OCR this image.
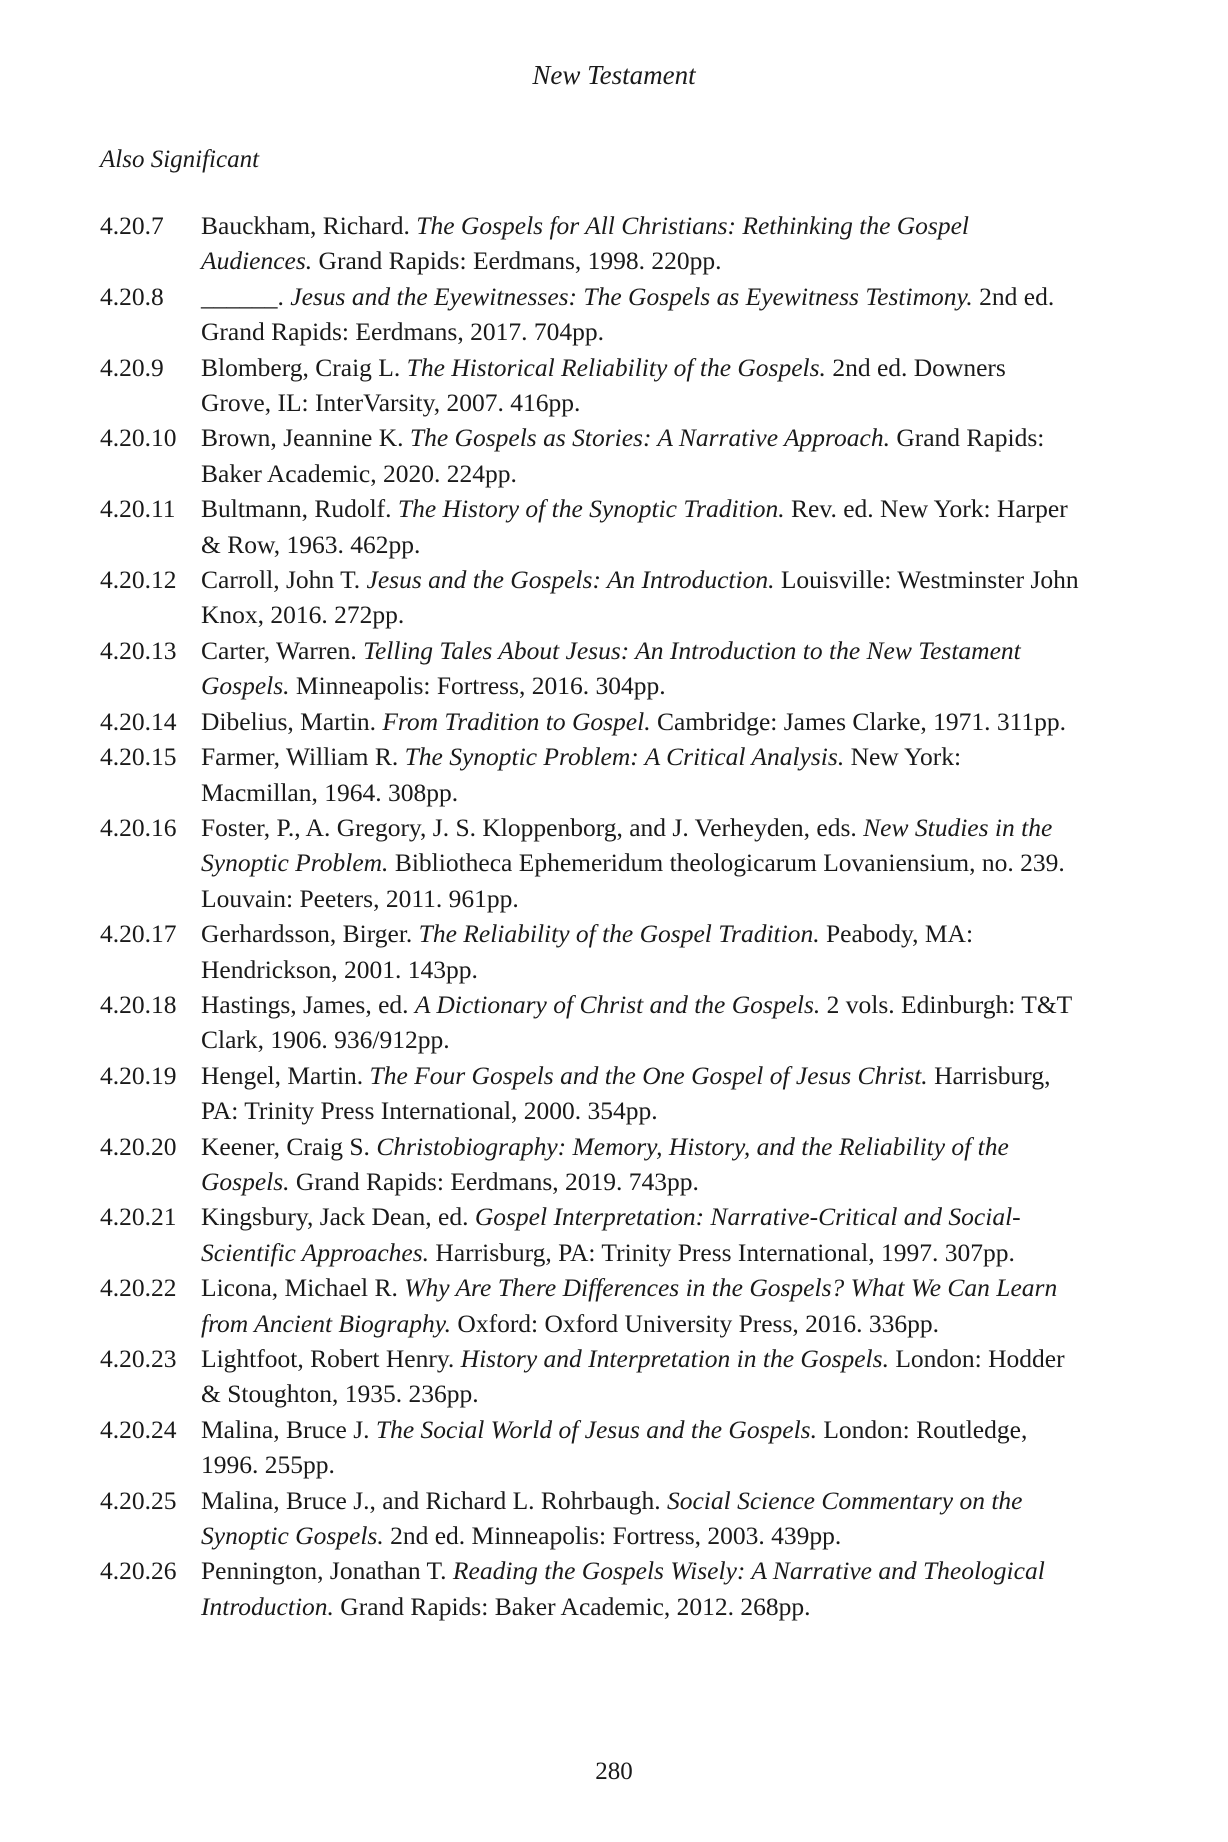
New Testament
Also Significant
4.20.7	Bauckham, Richard. The Gospels for All Christians: Rethinking the Gospel Audiences. Grand Rapids: Eerdmans, 1998. 220pp.
4.20.8	______. Jesus and the Eyewitnesses: The Gospels as Eyewitness Testimony. 2nd ed. Grand Rapids: Eerdmans, 2017. 704pp.
4.20.9	Blomberg, Craig L. The Historical Reliability of the Gospels. 2nd ed. Downers Grove, IL: InterVarsity, 2007. 416pp.
4.20.10 Brown, Jeannine K. The Gospels as Stories: A Narrative Approach. Grand Rapids: Baker Academic, 2020. 224pp.
4.20.11 Bultmann, Rudolf. The History of the Synoptic Tradition. Rev. ed. New York: Harper & Row, 1963. 462pp.
4.20.12 Carroll, John T. Jesus and the Gospels: An Introduction. Louisville: Westminster John Knox, 2016. 272pp.
4.20.13 Carter, Warren. Telling Tales About Jesus: An Introduction to the New Testament Gospels. Minneapolis: Fortress, 2016. 304pp.
4.20.14 Dibelius, Martin. From Tradition to Gospel. Cambridge: James Clarke, 1971. 311pp.
4.20.15 Farmer, William R. The Synoptic Problem: A Critical Analysis. New York: Macmillan, 1964. 308pp.
4.20.16 Foster, P., A. Gregory, J. S. Kloppenborg, and J. Verheyden, eds. New Studies in the Synoptic Problem. Bibliotheca Ephemeridum theologicarum Lovaniensium, no. 239. Louvain: Peeters, 2011. 961pp.
4.20.17 Gerhardsson, Birger. The Reliability of the Gospel Tradition. Peabody, MA: Hendrickson, 2001. 143pp.
4.20.18 Hastings, James, ed. A Dictionary of Christ and the Gospels. 2 vols. Edinburgh: T&T Clark, 1906. 936/912pp.
4.20.19 Hengel, Martin. The Four Gospels and the One Gospel of Jesus Christ. Harrisburg, PA: Trinity Press International, 2000. 354pp.
4.20.20 Keener, Craig S. Christobiography: Memory, History, and the Reliability of the Gospels. Grand Rapids: Eerdmans, 2019. 743pp.
4.20.21 Kingsbury, Jack Dean, ed. Gospel Interpretation: Narrative-Critical and Social-Scientific Approaches. Harrisburg, PA: Trinity Press International, 1997. 307pp.
4.20.22 Licona, Michael R. Why Are There Differences in the Gospels? What We Can Learn from Ancient Biography. Oxford: Oxford University Press, 2016. 336pp.
4.20.23 Lightfoot, Robert Henry. History and Interpretation in the Gospels. London: Hodder & Stoughton, 1935. 236pp.
4.20.24 Malina, Bruce J. The Social World of Jesus and the Gospels. London: Routledge, 1996. 255pp.
4.20.25 Malina, Bruce J., and Richard L. Rohrbaugh. Social Science Commentary on the Synoptic Gospels. 2nd ed. Minneapolis: Fortress, 2003. 439pp.
4.20.26 Pennington, Jonathan T. Reading the Gospels Wisely: A Narrative and Theological Introduction. Grand Rapids: Baker Academic, 2012. 268pp.
280
